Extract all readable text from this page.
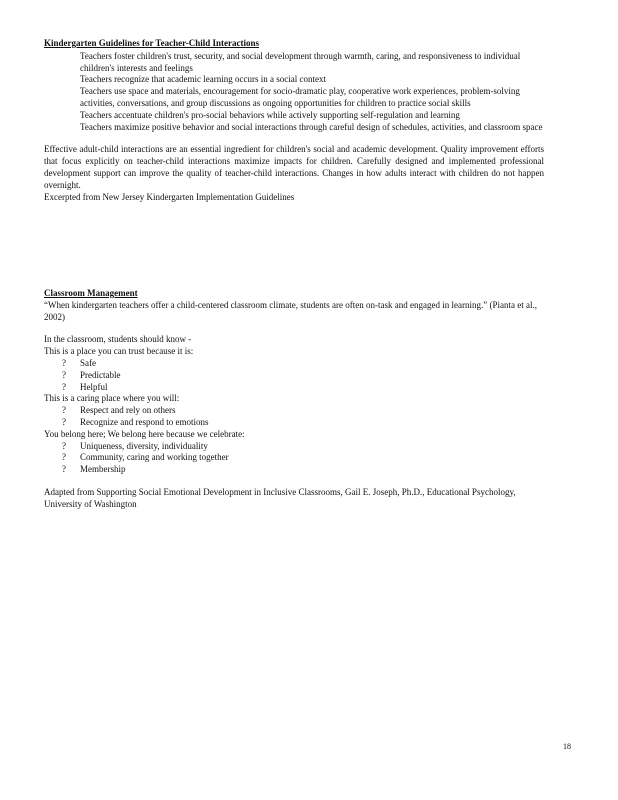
Kindergarten Guidelines for Teacher-Child Interactions
Teachers foster children's trust, security, and social development through warmth, caring, and responsiveness to individual children's interests and feelings
Teachers recognize that academic learning occurs in a social context
Teachers use space and materials, encouragement for socio-dramatic play, cooperative work experiences, problem-solving activities, conversations, and group discussions as ongoing opportunities for children to practice social skills
Teachers accentuate children's pro-social behaviors while actively supporting self-regulation and learning
Teachers maximize positive behavior and social interactions through careful design of schedules, activities, and classroom space
Effective adult-child interactions are an essential ingredient for children's social and academic development. Quality improvement efforts that focus explicitly on teacher-child interactions maximize impacts for children. Carefully designed and implemented professional development support can improve the quality of teacher-child interactions. Changes in how adults interact with children do not happen overnight.
Excerpted from New Jersey Kindergarten Implementation Guidelines
Classroom Management
“When kindergarten teachers offer a child-centered classroom climate, students are often on-task and engaged in learning.” (Pianta et al., 2002)
In the classroom, students should know -
This is a place you can trust because it is:
? Safe
? Predictable
? Helpful
This is a caring place where you will:
? Respect and rely on others
? Recognize and respond to emotions
You belong here; We belong here because we celebrate:
? Uniqueness, diversity, individuality
? Community, caring and working together
? Membership
Adapted from Supporting Social Emotional Development in Inclusive Classrooms, Gail E. Joseph, Ph.D., Educational Psychology, University of Washington
18
